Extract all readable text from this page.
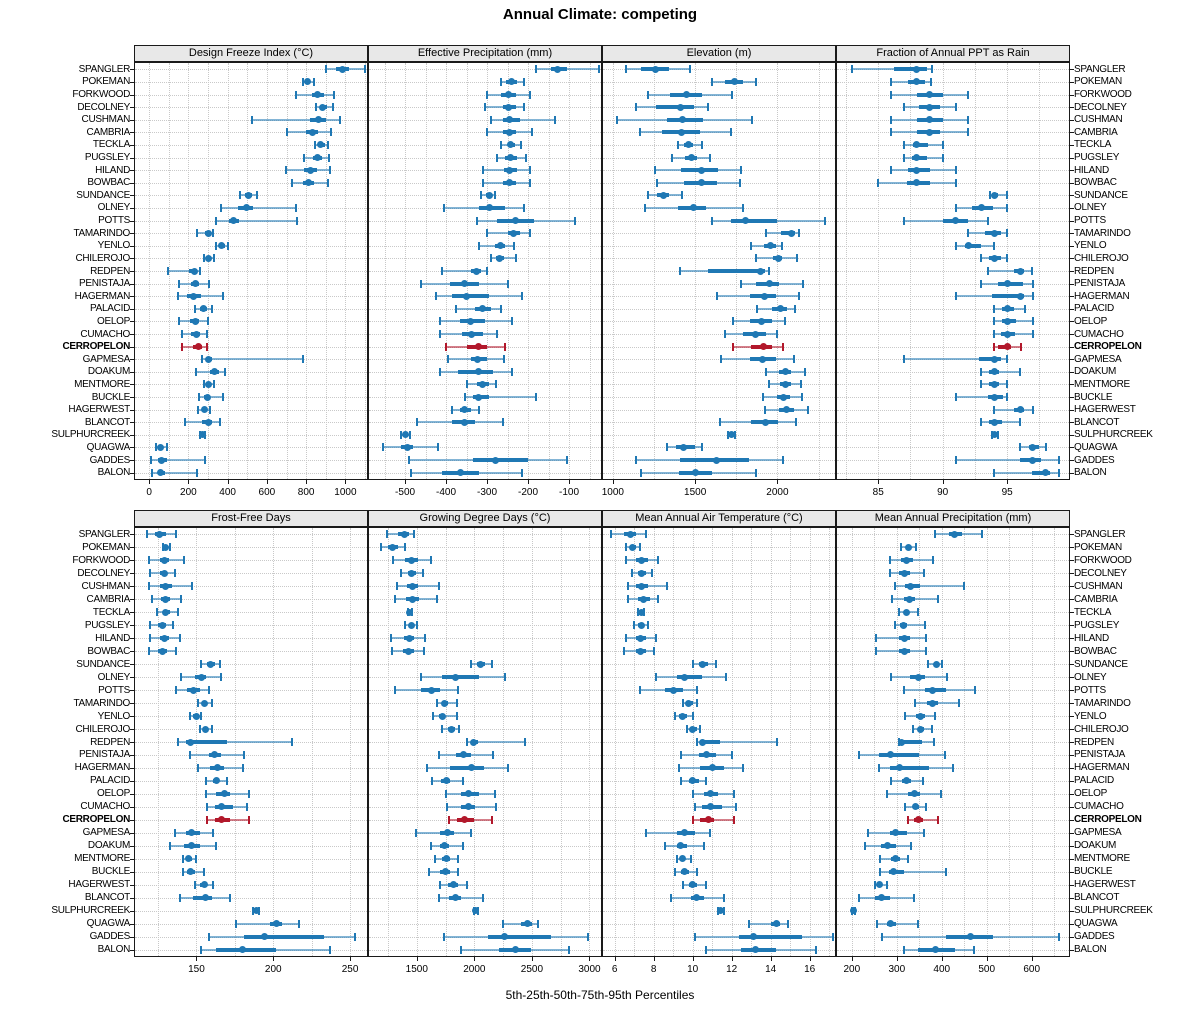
Annual Climate: competing
Design Freeze Index (°C)
0	200	400	600	800	1000
SPANGLER	SPANGLER
POKEMAN	POKEMAN
FORKWOOD	FORKWOOD
DECOLNEY	DECOLNEY
CUSHMAN	CUSHMAN
CAMBRIA	CAMBRIA
TECKLA	TECKLA
PUGSLEY	PUGSLEY
HILAND	HILAND
BOWBAC	BOWBAC
SUNDANCE	SUNDANCE
OLNEY	OLNEY
POTTS	POTTS
TAMARINDO	TAMARINDO
YENLO	YENLO
CHILEROJO	CHILEROJO
REDPEN	REDPEN
PENISTAJA	PENISTAJA
HAGERMAN	HAGERMAN
PALACID	PALACID
OELOP	OELOP
CUMACHO	CUMACHO
CERROPELON	CERROPELON
GAPMESA	GAPMESA
DOAKUM	DOAKUM
MENTMORE	MENTMORE
BUCKLE	BUCKLE
HAGERWEST	HAGERWEST
BLANCOT	BLANCOT
SULPHURCREEK	SULPHURCREEK
QUAGWA	QUAGWA
GADDES	GADDES
BALON	BALON
Effective Precipitation (mm)
-500	-400	-300	-200	-100
Elevation (m)
1000	1500	2000
Fraction of Annual PPT as Rain
85	90	95
Frost-Free Days
150	200	250
SPANGLER	SPANGLER
POKEMAN	POKEMAN
FORKWOOD	FORKWOOD
DECOLNEY	DECOLNEY
CUSHMAN	CUSHMAN
CAMBRIA	CAMBRIA
TECKLA	TECKLA
PUGSLEY	PUGSLEY
HILAND	HILAND
BOWBAC	BOWBAC
SUNDANCE	SUNDANCE
OLNEY	OLNEY
POTTS	POTTS
TAMARINDO	TAMARINDO
YENLO	YENLO
CHILEROJO	CHILEROJO
REDPEN	REDPEN
PENISTAJA	PENISTAJA
HAGERMAN	HAGERMAN
PALACID	PALACID
OELOP	OELOP
CUMACHO	CUMACHO
CERROPELON	CERROPELON
GAPMESA	GAPMESA
DOAKUM	DOAKUM
MENTMORE	MENTMORE
BUCKLE	BUCKLE
HAGERWEST	HAGERWEST
BLANCOT	BLANCOT
SULPHURCREEK	SULPHURCREEK
QUAGWA	QUAGWA
GADDES	GADDES
BALON	BALON
Growing Degree Days (°C)
1500	2000	2500	3000
Mean Annual Air Temperature (°C)
6	8	10	12	14	16
Mean Annual Precipitation (mm)
200	300	400	500	600
5th-25th-50th-75th-95th Percentiles
